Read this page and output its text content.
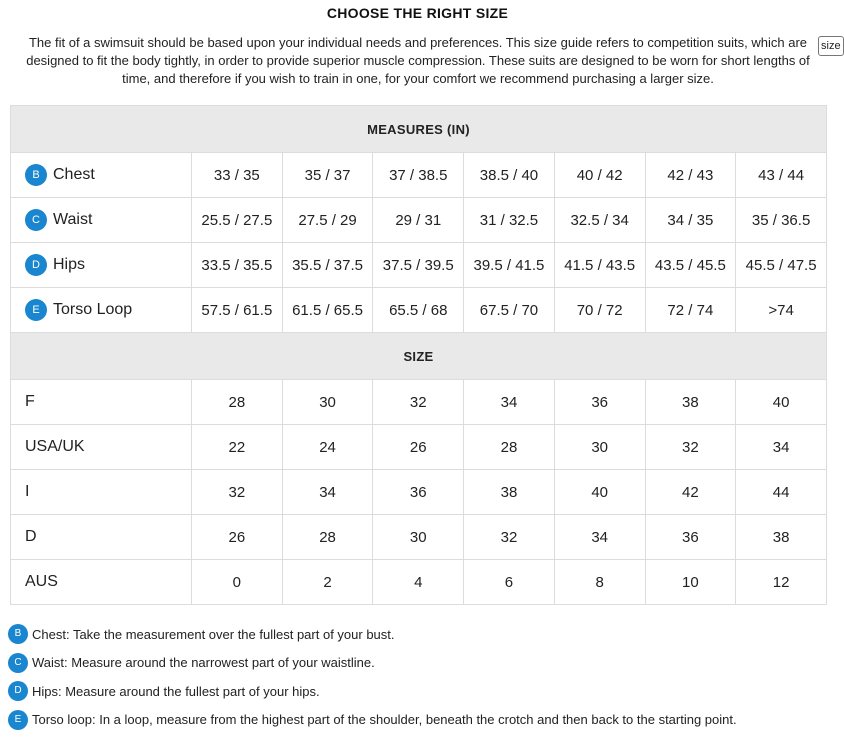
CHOOSE THE RIGHT SIZE
The fit of a swimsuit should be based upon your individual needs and preferences. This size guide refers to competition suits, which are
designed to fit the body tightly, in order to provide superior muscle compression. These suits are designed to be worn for short lengths of
time, and therefore if you wish to train in one, for your comfort we recommend purchasing a larger size.
size
MEASURES (IN)							
B Chest	33 / 35	35 / 37	37 / 38.5	38.5 / 40	40 / 42	42 / 43	43 / 44
C Waist	25.5 / 27.5	27.5 / 29	29 / 31	31 / 32.5	32.5 / 34	34 / 35	35 / 36.5
D Hips	33.5 / 35.5	35.5 / 37.5	37.5 / 39.5	39.5 / 41.5	41.5 / 43.5	43.5 / 45.5	45.5 / 47.5
E Torso Loop	57.5 / 61.5	61.5 / 65.5	65.5 / 68	67.5 / 70	70 / 72	72 / 74	>74
SIZE							
F	28	30	32	34	36	38	40
USA/UK	22	24	26	28	30	32	34
I	32	34	36	38	40	42	44
D	26	28	30	32	34	36	38
AUS	0	2	4	6	8	10	12
B Chest: Take the measurement over the fullest part of your bust.
C Waist: Measure around the narrowest part of your waistline.
D Hips: Measure around the fullest part of your hips.
E Torso loop: In a loop, measure from the highest part of the shoulder, beneath the crotch and then back to the starting point.
